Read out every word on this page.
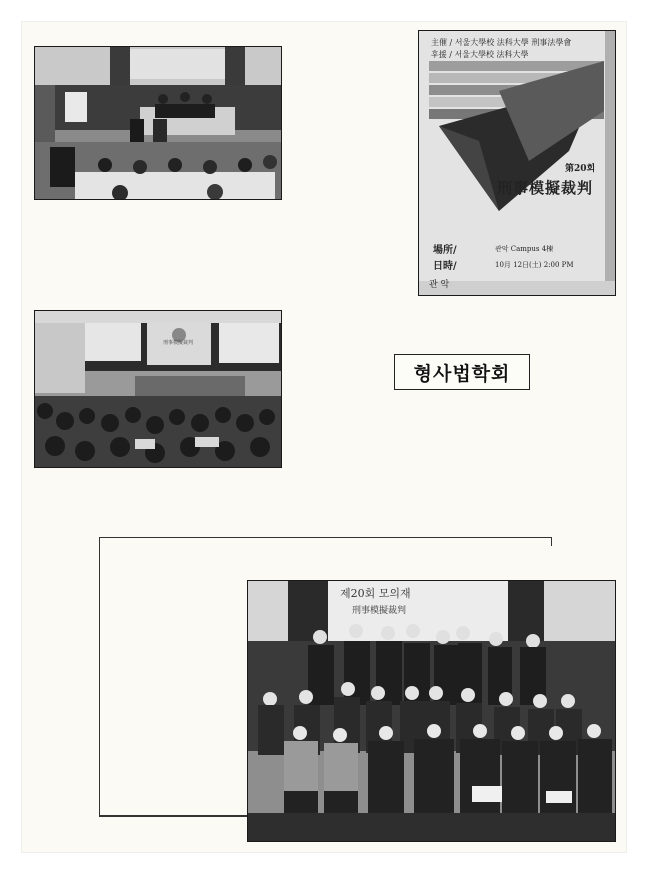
主催 / 서울大學校 法科大學 刑事法學會
후援 / 서울大學校 法科大學
第20회
刑事模擬裁判
場所/	관악 Campus 4棟
日時/	10月 12日(土) 2:00 PM
관 악
刑事模擬裁判
형사법학회
제20회 모의재
刑事模擬裁判
